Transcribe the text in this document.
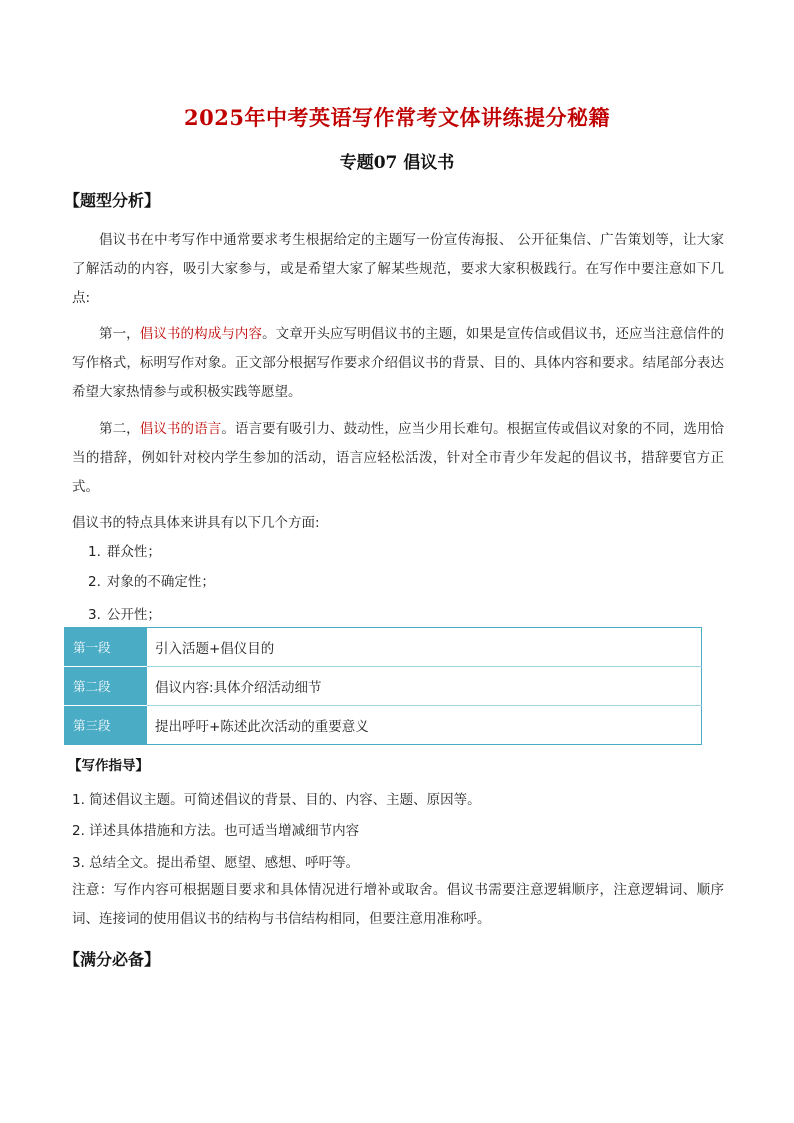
2025年中考英语写作常考文体讲练提分秘籍
专题07 倡议书
【题型分析】
倡议书在中考写作中通常要求考生根据给定的主题写一份宣传海报、 公开征集信、广告策划等，让大家了解活动的内容，吸引大家参与，或是希望大家了解某些规范，要求大家积极践行。在写作中要注意如下几点:
第一，倡议书的构成与内容。文章开头应写明倡议书的主题，如果是宣传信或倡议书，还应当注意信件的写作格式，标明写作对象。正文部分根据写作要求介绍倡议书的背景、目的、具体内容和要求。结尾部分表达希望大家热情参与或积极实践等愿望。
第二，倡议书的语言。语言要有吸引力、鼓动性，应当少用长难句。根据宣传或倡议对象的不同，选用恰当的措辞，例如针对校内学生参加的活动，语言应轻松活泼，针对全市青少年发起的倡议书，措辞要官方正式。
倡议书的特点具体来讲具有以下几个方面:
1. 群众性；
2. 对象的不确定性；
3. 公开性；
第一段	引入活题+倡仪目的
第二段	倡议内容:具体介绍活动细节
第三段	提出呼吁+陈述此次活动的重要意义
【写作指导】
1. 简述倡议主题。可简述倡议的背景、目的、内容、主题、原因等。
2. 详述具体措施和方法。也可适当增减细节内容
3. 总结全文。提出希望、愿望、感想、呼吁等。
注意：写作内容可根据题目要求和具体情况进行增补或取舍。倡议书需要注意逻辑顺序，注意逻辑词、顺序词、连接词的使用倡议书的结构与书信结构相同，但要注意用准称呼。
【满分必备】
